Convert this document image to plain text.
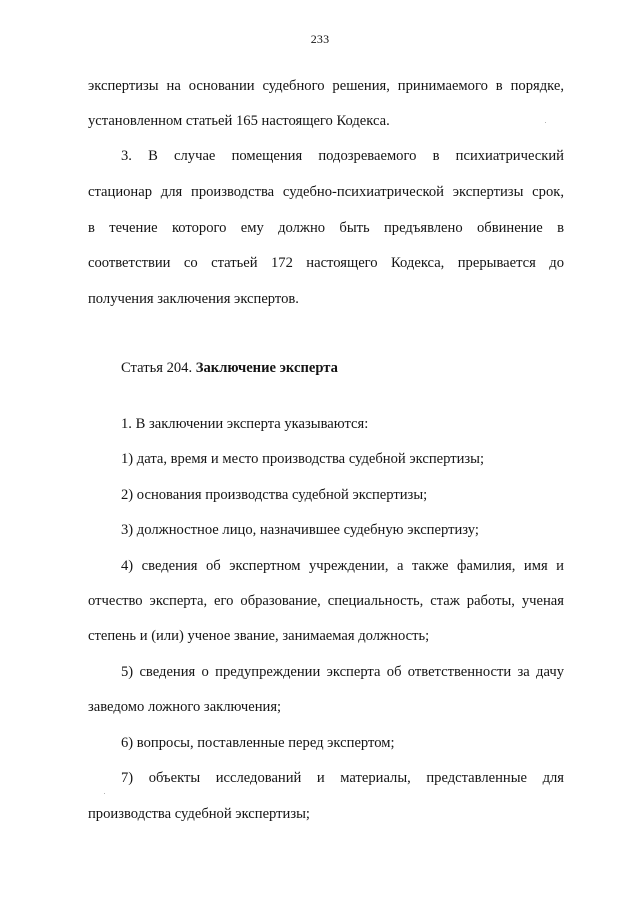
233
экспертизы на основании судебного решения, принимаемого в порядке,
установленном статьей 165 настоящего Кодекса.
3. В случае помещения подозреваемого в психиатрический
стационар для производства судебно-психиатрической экспертизы срок,
в течение которого ему должно быть предъявлено обвинение в
соответствии со статьей 172 настоящего Кодекса, прерывается до
получения заключения экспертов.
Статья 204. Заключение эксперта
1. В заключении эксперта указываются:
1) дата, время и место производства судебной экспертизы;
2) основания производства судебной экспертизы;
3) должностное лицо, назначившее судебную экспертизу;
4) сведения об экспертном учреждении, а также фамилия, имя и
отчество эксперта, его образование, специальность, стаж работы, ученая
степень и (или) ученое звание, занимаемая должность;
5) сведения о предупреждении эксперта об ответственности за дачу
заведомо ложного заключения;
6) вопросы, поставленные перед экспертом;
7) объекты исследований и материалы, представленные для
производства судебной экспертизы;
